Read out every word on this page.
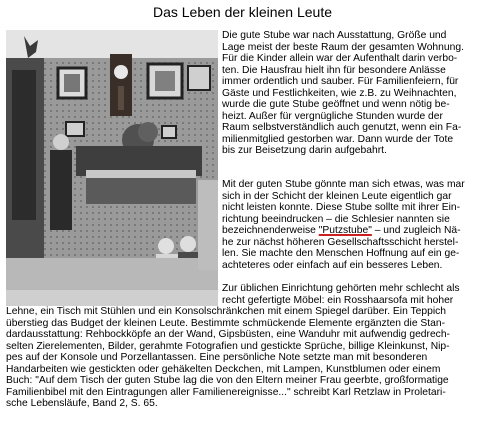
Das Leben der kleinen Leute
Die gute Stube war nach Ausstattung, Größe und
Lage meist der beste Raum der gesamten Wohnung.
Für die Kinder allein war der Aufenthalt darin verbo-
ten. Die Hausfrau hielt ihn für besondere Anlässe
immer ordentlich und sauber. Für Familienfeiern, für
Gäste und Festlichkeiten, wie z.B. zu Weihnachten,
wurde die gute Stube geöffnet und wenn nötig be-
heizt. Außer für vergnügliche Stunden wurde der
Raum selbstverständlich auch genutzt, wenn ein Fa-
milienmitglied gestorben war. Dann wurde der Tote
bis zur Beisetzung darin aufgebahrt.
Mit der guten Stube gönnte man sich etwas, was mar
sich in der Schicht der kleinen Leute eigentlich gar
nicht leisten konnte. Diese Stube sollte mit ihrer Ein-
richtung beeindrucken – die Schlesier nannten sie
bezeichnenderweise "Putzstube" – und zugleich Nä-
he zur nächst höheren Gesellschaftsschicht herstel-
len. Sie machte den Menschen Hoffnung auf ein ge-
achteteres oder einfach auf ein besseres Leben.
Zur üblichen Einrichtung gehörten mehr schlecht als
recht gefertigte Möbel: ein Rosshaarsofa mit hoher
Lehne, ein Tisch mit Stühlen und ein Konsolschränkchen mit einem Spiegel darüber. Ein Teppich
überstieg das Budget der kleinen Leute. Bestimmte schmückende Elemente ergänzten die Stan-
dardausstattung: Rehbockköpfe an der Wand, Gipsbüsten, eine Wanduhr mit aufwendig gedrech-
selten Zierelementen, Bilder, gerahmte Fotografien und gestickte Sprüche, billige Kleinkunst, Nip-
pes auf der Konsole und Porzellantassen. Eine persönliche Note setzte man mit besonderen
Handarbeiten wie gestickten oder gehäkelten Deckchen, mit Lampen, Kunstblumen oder einem
Buch: "Auf dem Tisch der guten Stube lag die von den Eltern meiner Frau geerbte, großformatige
Familienbibel mit den Eintragungen aller Familienereignisse..." schreibt Karl Retzlaw in Proletari-
sche Lebensläufe, Band 2, S. 65.
